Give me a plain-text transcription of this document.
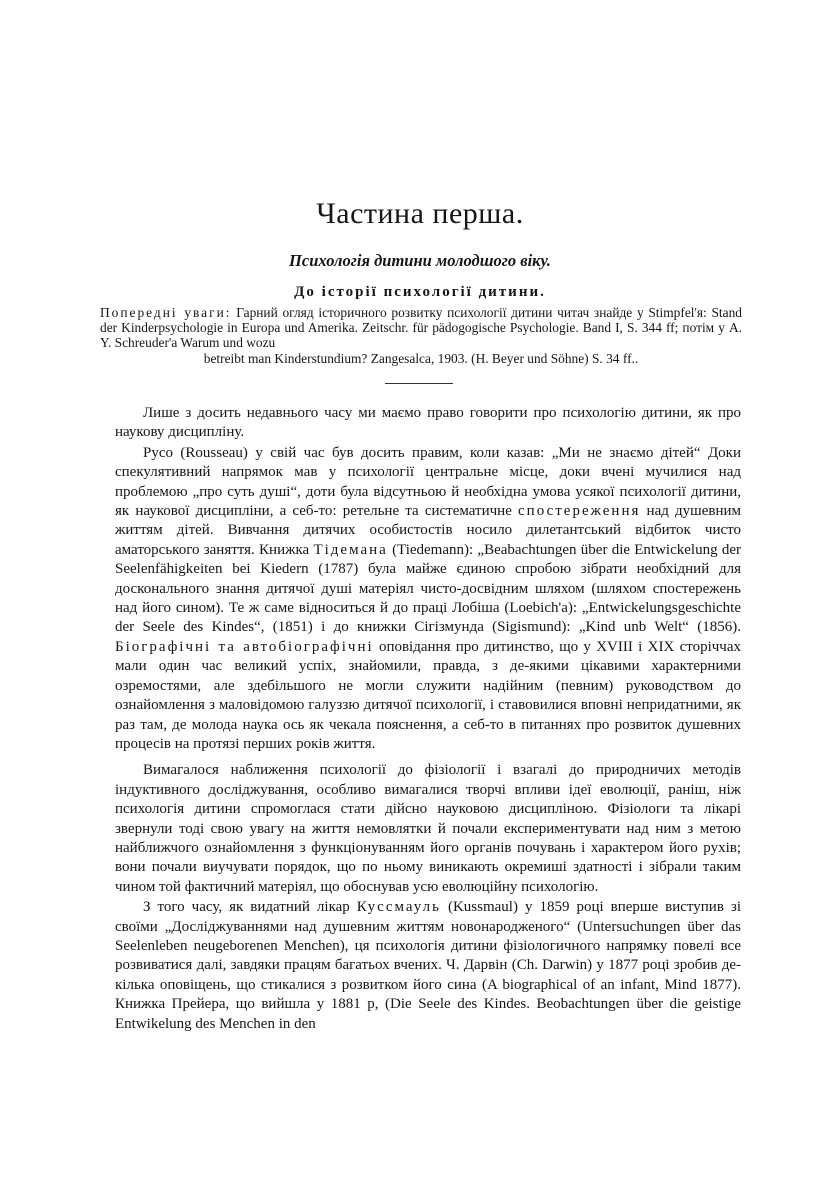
Частина перша.
Психологія дитини молодшого віку.
До історії психології дитини.

Попередні уваги: Гарний огляд історичного розвитку психології дитини читач знайде у Stimpfel'я: Stand der Kinderpsychologie in Europa und Amerika. Zeitschr. für pädogogische Psychologie. Band I, S. 344 ff; потім у A. Y. Schreuder'a Warum und wozu
betreibt man Kinderstundium? Zangesalca, 1903. (H. Beyer und Söhne) S. 34 ff..

Лише з досить недавнього часу ми маємо право говорити про психологію дитини, як про наукову дисципліну.

Русо (Rousseau) у свій час був досить правим, коли казав: „Ми не знаємо дітей“ Доки спекулятивний напрямок мав у психології центральне місце, доки вчені мучилися над проблемою „про суть душі“, доти була відсутньою й необхідна умова усякої психології дитини, як наукової дисципліни, а себ-то: ретельне та систематичне спостереження над душевним життям дітей. Вивчання дитячих особистостів носило дилетантський відбиток чисто аматорського заняття. Книжка Тідемана (Tiedemann): „Beabachtungen über die Entwickelung der Seelenfähigkeiten bei Kiedern (1787) була майже єдиною спробою зібрати необхідний для досконального знання дитячої душі матеріял чисто-досвідним шляхом (шляхом спостережень над його сином). Те ж саме відноситься й до праці Лобіша (Loebich'a): „Entwickelungsgeschichte der Seele des Kindes“, (1851) і до книжки Сігізмунда (Sigismund): „Kind unb Welt“ (1856). Біографічні та автобіографічні оповідання про дитинство, що у XVIII і XIX сторіччах мали один час великий успіх, знайомили, правда, з де-якими цікавими характерними озремостями, але здебільшого не могли служити надійним (певним) руководством до ознайомлення з маловідомою галуззю дитячої психології, і ставовилися вповні непридатними, як раз там, де молода наука ось як чекала пояснення, а себ-то в питаннях про розвиток душевних процесів на протязі перших років життя.

Вимагалося наближення психології до фізіології і взагалі до природничих методів індуктивного досліджування, особливо вимагалися творчі впливи ідеї еволюції, раніш, ніж психологія дитини спромоглася стати дійсно науковою дисципліною. Фізіологи та лікарі звернули тоді свою увагу на життя немовлятки й почали експериментувати над ним з метою найближчого ознайомлення з функціонуванням його органів почувань і характером його рухів; вони почали виучувати порядок, що по ньому виникають окремиші здатності і зібрали таким чином той фактичний матеріял, що обоснував усю еволюційну психологію.

З того часу, як видатний лікар Куссмауль (Kussmaul) у 1859 році вперше виступив зі своїми „Досліджуваннями над душевним життям новонародженого“ (Untersuchungen über das Seelenleben neugeborenen Menchen), ця психологія дитини фізіологичного напрямку повелі все розвиватися далі, завдяки працям багатьох вчених. Ч. Дарвін (Ch. Darwin) у 1877 році зробив де-кілька оповіщень, що стикалися з розвитком його сина (A biographical of an infant, Mind 1877). Книжка Прейера, що вийшла у 1881 р, (Die Seele des Kindes. Beobachtungen über die geistige Entwikelung des Menchen in den
